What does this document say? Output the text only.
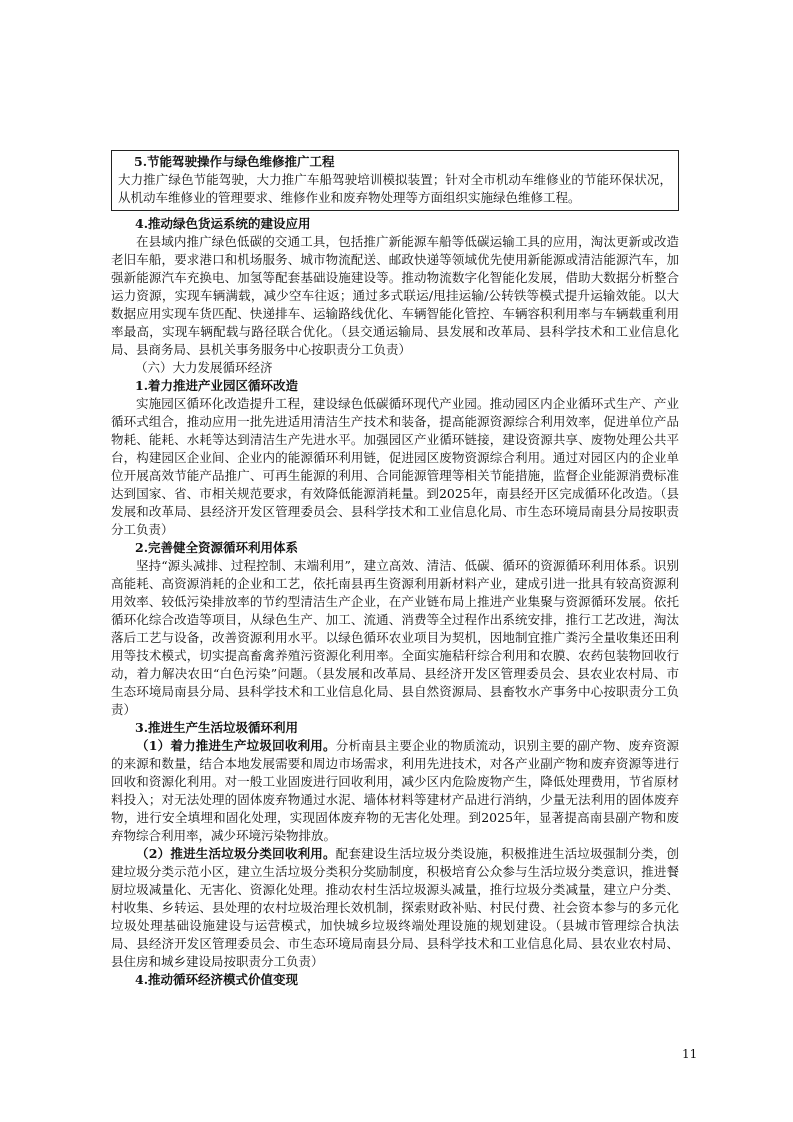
5.节能驾驶操作与绿色维修推广工程
大力推广绿色节能驾驶，大力推广车船驾驶培训模拟装置；针对全市机动车维修业的节能环保状况，从机动车维修业的管理要求、维修作业和废弃物处理等方面组织实施绿色维修工程。

4.推动绿色货运系统的建设应用

在县域内推广绿色低碳的交通工具，包括推广新能源车船等低碳运输工具的应用，淘汰更新或改造老旧车船，要求港口和机场服务、城市物流配送、邮政快递等领域优先使用新能源或清洁能源汽车，加强新能源汽车充换电、加氢等配套基础设施建设等。推动物流数字化智能化发展，借助大数据分析整合运力资源，实现车辆满载，减少空车往返；通过多式联运/甩挂运输/公转铁等模式提升运输效能。以大数据应用实现车货匹配、快递排车、运输路线优化、车辆智能化管控、车辆容积利用率与车辆载重利用率最高，实现车辆配载与路径联合优化。（县交通运输局、县发展和改革局、县科学技术和工业信息化局、县商务局、县机关事务服务中心按职责分工负责）

（六）大力发展循环经济

1.着力推进产业园区循环改造

实施园区循环化改造提升工程，建设绿色低碳循环现代产业园。推动园区内企业循环式生产、产业循环式组合，推动应用一批先进适用清洁生产技术和装备，提高能源资源综合利用效率，促进单位产品物耗、能耗、水耗等达到清洁生产先进水平。加强园区产业循环链接，建设资源共享、废物处理公共平台，构建园区企业间、企业内的能源循环利用链，促进园区废物资源综合利用。通过对园区内的企业单位开展高效节能产品推广、可再生能源的利用、合同能源管理等相关节能措施，监督企业能源消费标准达到国家、省、市相关规范要求，有效降低能源消耗量。到2025年，南县经开区完成循环化改造。（县发展和改革局、县经济开发区管理委员会、县科学技术和工业信息化局、市生态环境局南县分局按职责分工负责）

2.完善健全资源循环利用体系

坚持“源头减排、过程控制、末端利用”，建立高效、清洁、低碳、循环的资源循环利用体系。识别高能耗、高资源消耗的企业和工艺，依托南县再生资源利用新材料产业，建成引进一批具有较高资源利用效率、较低污染排放率的节约型清洁生产企业，在产业链布局上推进产业集聚与资源循环发展。依托循环化综合改造等项目，从绿色生产、加工、流通、消费等全过程作出系统安排，推行工艺改进，淘汰落后工艺与设备，改善资源利用水平。以绿色循环农业项目为契机，因地制宜推广粪污全量收集还田利用等技术模式，切实提高畜禽养殖污资源化利用率。全面实施秸秆综合利用和农膜、农药包装物回收行动，着力解决农田“白色污染”问题。（县发展和改革局、县经济开发区管理委员会、县农业农村局、市生态环境局南县分局、县科学技术和工业信息化局、县自然资源局、县畜牧水产事务中心按职责分工负责）

3.推进生产生活垃圾循环利用

（1）着力推进生产垃圾回收利用。分析南县主要企业的物质流动，识别主要的副产物、废弃资源的来源和数量，结合本地发展需要和周边市场需求，利用先进技术，对各产业副产物和废弃资源等进行回收和资源化利用。对一般工业固废进行回收利用，减少区内危险废物产生，降低处理费用，节省原材料投入；对无法处理的固体废弃物通过水泥、墙体材料等建材产品进行消纳，少量无法利用的固体废弃物，进行安全填埋和固化处理，实现固体废弃物的无害化处理。到2025年，显著提高南县副产物和废弃物综合利用率，减少环境污染物排放。

（2）推进生活垃圾分类回收利用。配套建设生活垃圾分类设施，积极推进生活垃圾强制分类，创建垃圾分类示范小区，建立生活垃圾分类积分奖励制度，积极培育公众参与生活垃圾分类意识，推进餐厨垃圾减量化、无害化、资源化处理。推动农村生活垃圾源头减量，推行垃圾分类减量，建立户分类、村收集、乡转运、县处理的农村垃圾治理长效机制，探索财政补贴、村民付费、社会资本参与的多元化垃圾处理基础设施建设与运营模式，加快城乡垃圾终端处理设施的规划建设。（县城市管理综合执法局、县经济开发区管理委员会、市生态环境局南县分局、县科学技术和工业信息化局、县农业农村局、县住房和城乡建设局按职责分工负责）

4.推动循环经济模式价值变现

11
